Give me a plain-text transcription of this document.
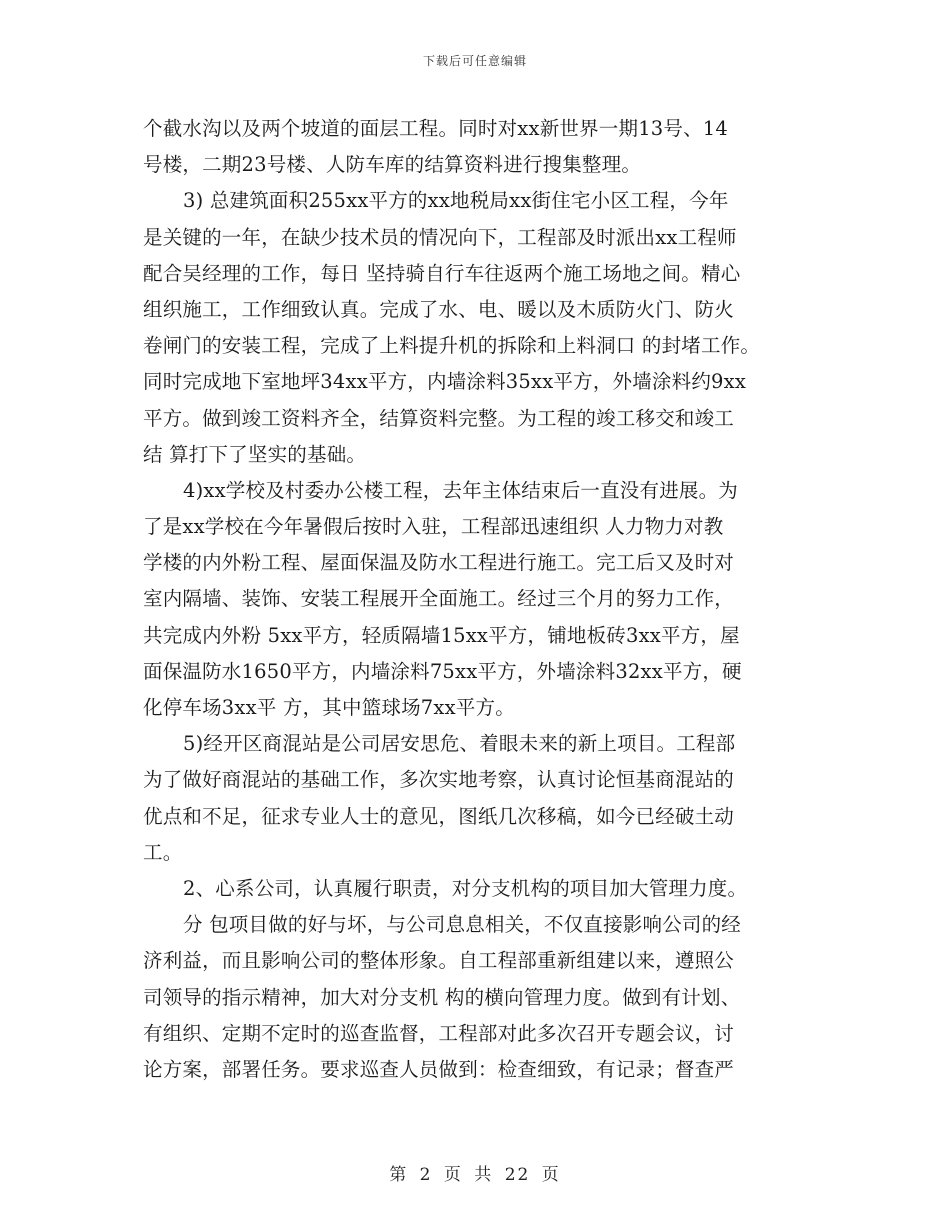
下载后可任意编辑
个截水沟以及两个坡道的面层工程。同时对xx新世界一期13号、14
号楼，二期23号楼、人防车库的结算资料进行搜集整理。
3) 总建筑面积255xx平方的xx地税局xx街住宅小区工程，今年
是关键的一年，在缺少技术员的情况向下，工程部及时派出xx工程师
配合吴经理的工作，每日 坚持骑自行车往返两个施工场地之间。精心
组织施工，工作细致认真。完成了水、电、暖以及木质防火门、防火
卷闸门的安装工程，完成了上料提升机的拆除和上料洞口 的封堵工作。
同时完成地下室地坪34xx平方，内墙涂料35xx平方，外墙涂料约9xx
平方。做到竣工资料齐全，结算资料完整。为工程的竣工移交和竣工
结 算打下了坚实的基础。
4)xx学校及村委办公楼工程，去年主体结束后一直没有进展。为
了是xx学校在今年暑假后按时入驻，工程部迅速组织 人力物力对教
学楼的内外粉工程、屋面保温及防水工程进行施工。完工后又及时对
室内隔墙、装饰、安装工程展开全面施工。经过三个月的努力工作，
共完成内外粉 5xx平方，轻质隔墙15xx平方，铺地板砖3xx平方，屋
面保温防水1650平方，内墙涂料75xx平方，外墙涂料32xx平方，硬
化停车场3xx平 方，其中篮球场7xx平方。
5)经开区商混站是公司居安思危、着眼未来的新上项目。工程部
为了做好商混站的基础工作，多次实地考察，认真讨论恒基商混站的
优点和不足，征求专业人士的意见，图纸几次移稿，如今已经破土动
工。
2、心系公司，认真履行职责，对分支机构的项目加大管理力度。
分 包项目做的好与坏，与公司息息相关，不仅直接影响公司的经
济利益，而且影响公司的整体形象。自工程部重新组建以来，遵照公
司领导的指示精神，加大对分支机 构的横向管理力度。做到有计划、
有组织、定期不定时的巡查监督，工程部对此多次召开专题会议，讨
论方案，部署任务。要求巡查人员做到：检查细致，有记录；督查严
第 2 页 共 22 页
